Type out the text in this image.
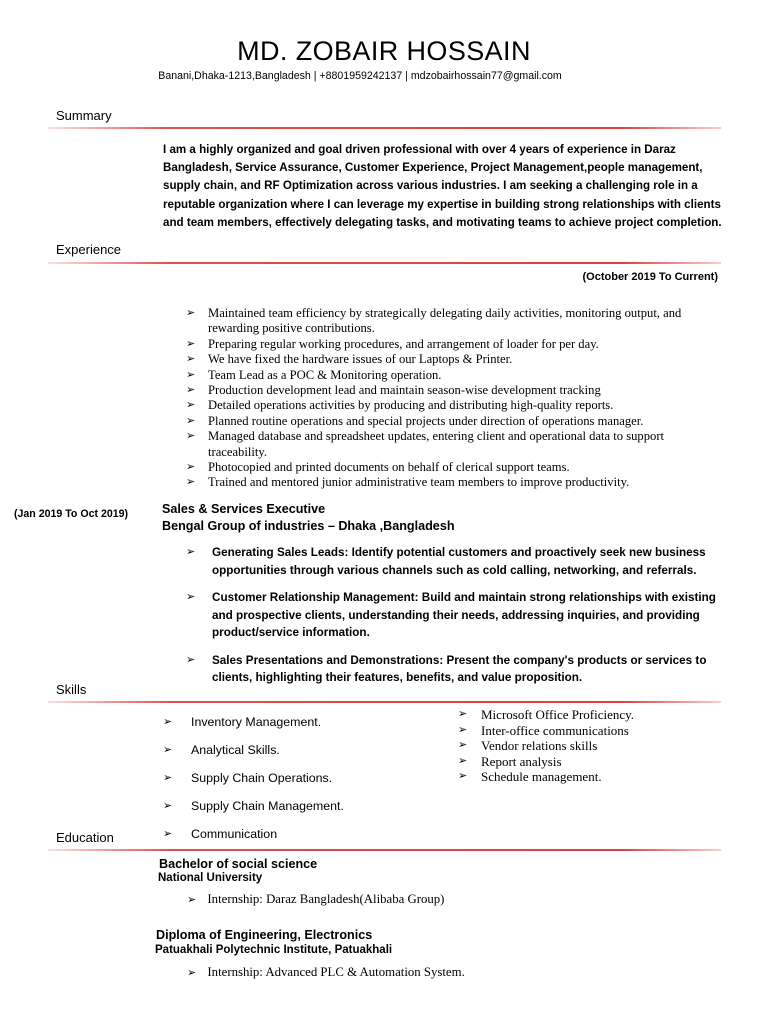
MD. ZOBAIR HOSSAIN
Banani,Dhaka-1213,Bangladesh | +8801959242137 | mdzobairhossain77@gmail.com
Summary
I am a highly organized and goal driven professional with over 4 years of experience in Daraz Bangladesh, Service Assurance, Customer Experience, Project Management,people management, supply chain, and RF Optimization across various industries. I am seeking a challenging role in a reputable organization where I can leverage my expertise in building strong relationships with clients and team members, effectively delegating tasks, and motivating teams to achieve project completion.
Experience
(October 2019 To Current)
➢ Maintained team efficiency by strategically delegating daily activities, monitoring output, and rewarding positive contributions.
➢ Preparing regular working procedures, and arrangement of loader for per day.
➢ We have fixed the hardware issues of our Laptops & Printer.
➢ Team Lead as a POC & Monitoring operation.
➢ Production development lead and maintain season-wise development tracking
➢ Detailed operations activities by producing and distributing high-quality reports.
➢ Planned routine operations and special projects under direction of operations manager.
➢ Managed database and spreadsheet updates, entering client and operational data to support traceability.
➢ Photocopied and printed documents on behalf of clerical support teams.
➢ Trained and mentored junior administrative team members to improve productivity.
(Jan 2019 To Oct 2019)	Sales & Services Executive
Bengal Group of industries – Dhaka ,Bangladesh
➢ Generating Sales Leads: Identify potential customers and proactively seek new business opportunities through various channels such as cold calling, networking, and referrals.
➢ Customer Relationship Management: Build and maintain strong relationships with existing and prospective clients, understanding their needs, addressing inquiries, and providing product/service information.
➢ Sales Presentations and Demonstrations: Present the company's products or services to clients, highlighting their features, benefits, and value proposition.
Skills
➢ Inventory Management.
➢ Analytical Skills.
➢ Supply Chain Operations.
➢ Supply Chain Management.
➢ Communication
➢ Microsoft Office Proficiency.
➢ Inter-office communications
➢ Vendor relations skills
➢ Report analysis
➢ Schedule management.
Education
Bachelor of social science
National University
➢ Internship: Daraz Bangladesh(Alibaba Group)
Diploma of Engineering, Electronics
Patuakhali Polytechnic Institute, Patuakhali
➢ Internship: Advanced PLC & Automation System.
